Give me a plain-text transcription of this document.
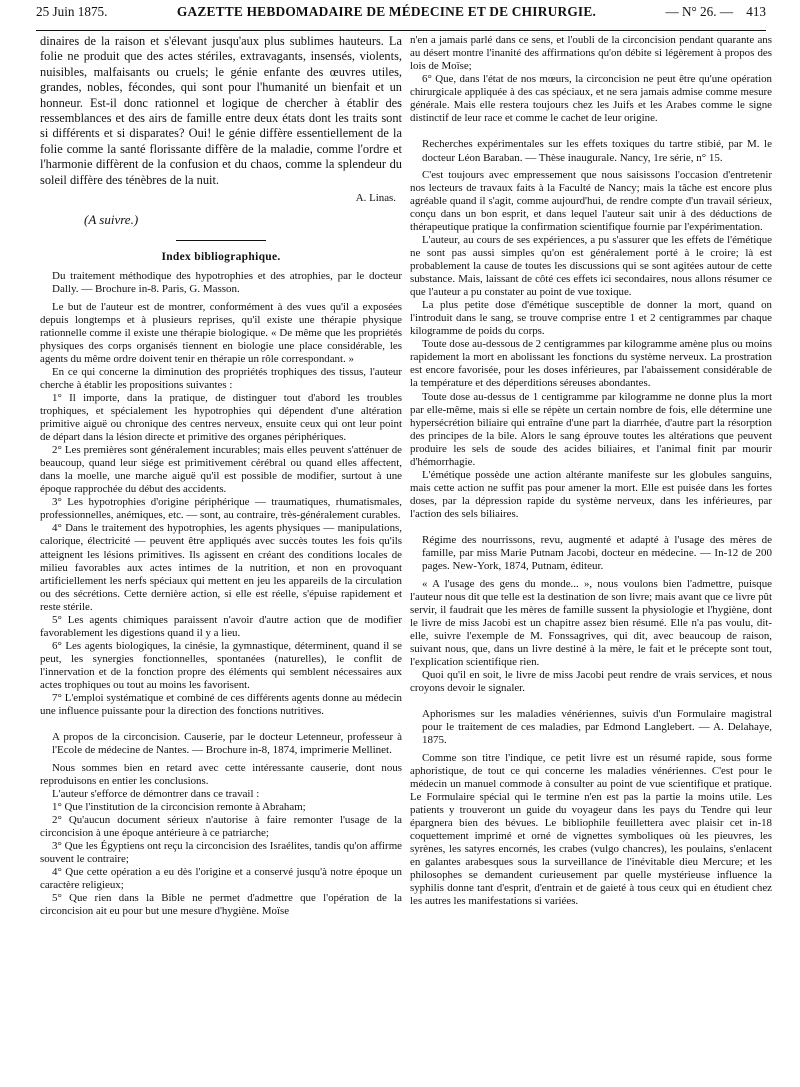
25 Juin 1875.	GAZETTE HEBDOMADAIRE DE MÉDECINE ET DE CHIRURGIE.	— N° 26. — 413

dinaires de la raison et s'élevant jusqu'aux plus sublimes hauteurs. La folie ne produit que des actes stériles, extravagants, insensés, violents, nuisibles, malfaisants ou cruels; le génie enfante des œuvres utiles, grandes, nobles, fécondes, qui sont pour l'humanité un bienfait et un honneur. Est-il donc rationnel et logique de chercher à établir des ressemblances et des airs de famille entre deux états dont les traits sont si différents et si disparates? Oui! le génie diffère essentiellement de la folie comme la santé florissante diffère de la maladie, comme l'ordre et l'harmonie diffèrent de la confusion et du chaos, comme la splendeur du soleil diffère des ténèbres de la nuit.

A. Linas.

(A suivre.)

Index bibliographique.

Du traitement méthodique des hypotrophies et des atrophies, par le docteur Dally. — Brochure in-8. Paris, G. Masson.

Le but de l'auteur est de montrer, conformément à des vues qu'il a exposées depuis longtemps et à plusieurs reprises, qu'il existe une thérapie physique rationnelle comme il existe une thérapie biologique. « De même que les propriétés physiques des corps organisés tiennent en biologie une place considérable, les agents du même ordre doivent tenir en thérapie un rôle correspondant. »

En ce qui concerne la diminution des propriétés trophiques des tissus, l'auteur cherche à établir les propositions suivantes :

1° Il importe, dans la pratique, de distinguer tout d'abord les troubles trophiques, et spécialement les hypotrophies qui dépendent d'une altération primitive aiguë ou chronique des centres nerveux, ensuite ceux qui ont leur point de départ dans la lésion directe et primitive des organes périphériques.

2° Les premières sont généralement incurables; mais elles peuvent s'atténuer de beaucoup, quand leur siége est primitivement cérébral ou quand elles affectent, dans la moelle, une marche aiguë qu'il est possible de modifier, surtout à une époque rapprochée du début des accidents.

3° Les hypotrophies d'origine périphérique — traumatiques, rhumatismales, professionnelles, anémiques, etc. — sont, au contraire, très-généralement curables.

4° Dans le traitement des hypotrophies, les agents physiques — manipulations, calorique, électricité — peuvent être appliqués avec succès toutes les fois qu'ils atteignent les lésions primitives. Ils agissent en créant des conditions locales de milieu favorables aux actes intimes de la nutrition, et non en provoquant artificiellement les nerfs spéciaux qui mettent en jeu les appareils de la circulation ou des sécrétions. Cette dernière action, si elle est réelle, s'épuise rapidement et reste stérile.

5° Les agents chimiques paraissent n'avoir d'autre action que de modifier favorablement les digestions quand il y a lieu.

6° Les agents biologiques, la cinésie, la gymnastique, déterminent, quand il se peut, les synergies fonctionnelles, spontanées (naturelles), le conflit de l'innervation et de la fonction propre des éléments qui semblent nécessaires aux actes trophiques ou tout au moins les favorisent.

7° L'emploi systématique et combiné de ces différents agents donne au médecin une influence puissante pour la direction des fonctions nutritives.

A propos de la circoncision. Causerie, par le docteur Letenneur, professeur à l'Ecole de médecine de Nantes. — Brochure in-8, 1874, imprimerie Mellinet.

Nous sommes bien en retard avec cette intéressante causerie, dont nous reproduisons en entier les conclusions.

L'auteur s'efforce de démontrer dans ce travail :

1° Que l'institution de la circoncision remonte à Abraham;

2° Qu'aucun document sérieux n'autorise à faire remonter l'usage de la circoncision à une époque antérieure à ce patriarche;

3° Que les Égyptiens ont reçu la circoncision des Israélites, tandis qu'on affirme souvent le contraire;

4° Que cette opération a eu dès l'origine et a conservé jusqu'à notre époque un caractère religieux;

5° Que rien dans la Bible ne permet d'admettre que l'opération de la circoncision ait eu pour but une mesure d'hygiène. Moïse

n'en a jamais parlé dans ce sens, et l'oubli de la circoncision pendant quarante ans au désert montre l'inanité des affirmations qu'on débite si légèrement à propos des lois de Moïse;

6° Que, dans l'état de nos mœurs, la circoncision ne peut être qu'une opération chirurgicale appliquée à des cas spéciaux, et ne sera jamais admise comme mesure générale. Mais elle restera toujours chez les Juifs et les Arabes comme le signe distinctif de leur race et comme le cachet de leur origine.

Recherches expérimentales sur les effets toxiques du tartre stibié, par M. le docteur Léon Baraban. — Thèse inaugurale. Nancy, 1re série, n° 15.

C'est toujours avec empressement que nous saisissons l'occasion d'entretenir nos lecteurs de travaux faits à la Faculté de Nancy; mais la tâche est encore plus agréable quand il s'agit, comme aujourd'hui, de rendre compte d'un travail sérieux, conçu dans un bon esprit, et dans lequel l'auteur sait unir à des déductions de thérapeutique pratique la confirmation scientifique fournie par l'expérimentation.

L'auteur, au cours de ses expériences, a pu s'assurer que les effets de l'émétique ne sont pas aussi simples qu'on est généralement porté à le croire; là est probablement la cause de toutes les discussions qui se sont agitées autour de cette substance. Mais, laissant de côté ces effets ici secondaires, nous allons résumer ce que l'auteur a pu constater au point de vue toxique.

La plus petite dose d'émétique susceptible de donner la mort, quand on l'introduit dans le sang, se trouve comprise entre 1 et 2 centigrammes par chaque kilogramme de poids du corps.

Toute dose au-dessous de 2 centigrammes par kilogramme amène plus ou moins rapidement la mort en abolissant les fonctions du système nerveux. La prostration est encore favorisée, pour les doses inférieures, par l'abaissement considérable de la température et des déperditions séreuses abondantes.

Toute dose au-dessus de 1 centigramme par kilogramme ne donne plus la mort par elle-même, mais si elle se répète un certain nombre de fois, elle détermine une hypersécrétion biliaire qui entraîne d'une part la diarrhée, d'autre part la résorption des principes de la bile. Alors le sang éprouve toutes les altérations que peuvent produire les sels de soude des acides biliaires, et l'animal finit par mourir d'hémorrhagie.

L'émétique possède une action altérante manifeste sur les globules sanguins, mais cette action ne suffit pas pour amener la mort. Elle est puisée dans les fortes doses, par la dépression rapide du système nerveux, dans les inférieures, par l'action des sels biliaires.

Régime des nourrissons, revu, augmenté et adapté à l'usage des mères de famille, par miss Marie Putnam Jacobi, docteur en médecine. — In-12 de 200 pages. New-York, 1874, Putnam, éditeur.

« A l'usage des gens du monde... », nous voulons bien l'admettre, puisque l'auteur nous dit que telle est la destination de son livre; mais avant que ce livre pût servir, il faudrait que les mères de famille sussent la physiologie et l'hygiène, dont le livre de miss Jacobi est un chapitre assez bien résumé. Elle n'a pas voulu, dit-elle, suivre l'exemple de M. Fonssagrives, qui dit, avec beaucoup de raison, suivant nous, que, dans un livre destiné à la mère, le fait et le précepte sont tout, l'explication scientifique rien.

Quoi qu'il en soit, le livre de miss Jacobi peut rendre de vrais services, et nous croyons devoir le signaler.

Aphorismes sur les maladies vénériennes, suivis d'un Formulaire magistral pour le traitement de ces maladies, par Edmond Langlebert. — A. Delahaye, 1875.

Comme son titre l'indique, ce petit livre est un résumé rapide, sous forme aphoristique, de tout ce qui concerne les maladies vénériennes. C'est pour le médecin un manuel commode à consulter au point de vue scientifique et pratique. Le Formulaire spécial qui le termine n'en est pas la partie la moins utile. Les patients y trouveront un guide du voyageur dans les pays du Tendre qui leur épargnera bien des bévues. Le bibliophile feuillettera avec plaisir cet in-18 coquettement imprimé et orné de vignettes symboliques où les pieuvres, les syrènes, les satyres encornés, les crabes (vulgo chancres), les poulains, s'enlacent en galantes arabesques sous la surveillance de l'inévitable dieu Mercure; et les philosophes se demandent curieusement par quelle mystérieuse influence la syphilis donne tant d'esprit, d'entrain et de gaieté à tous ceux qui en étudient chez les autres les manifestations si variées.
